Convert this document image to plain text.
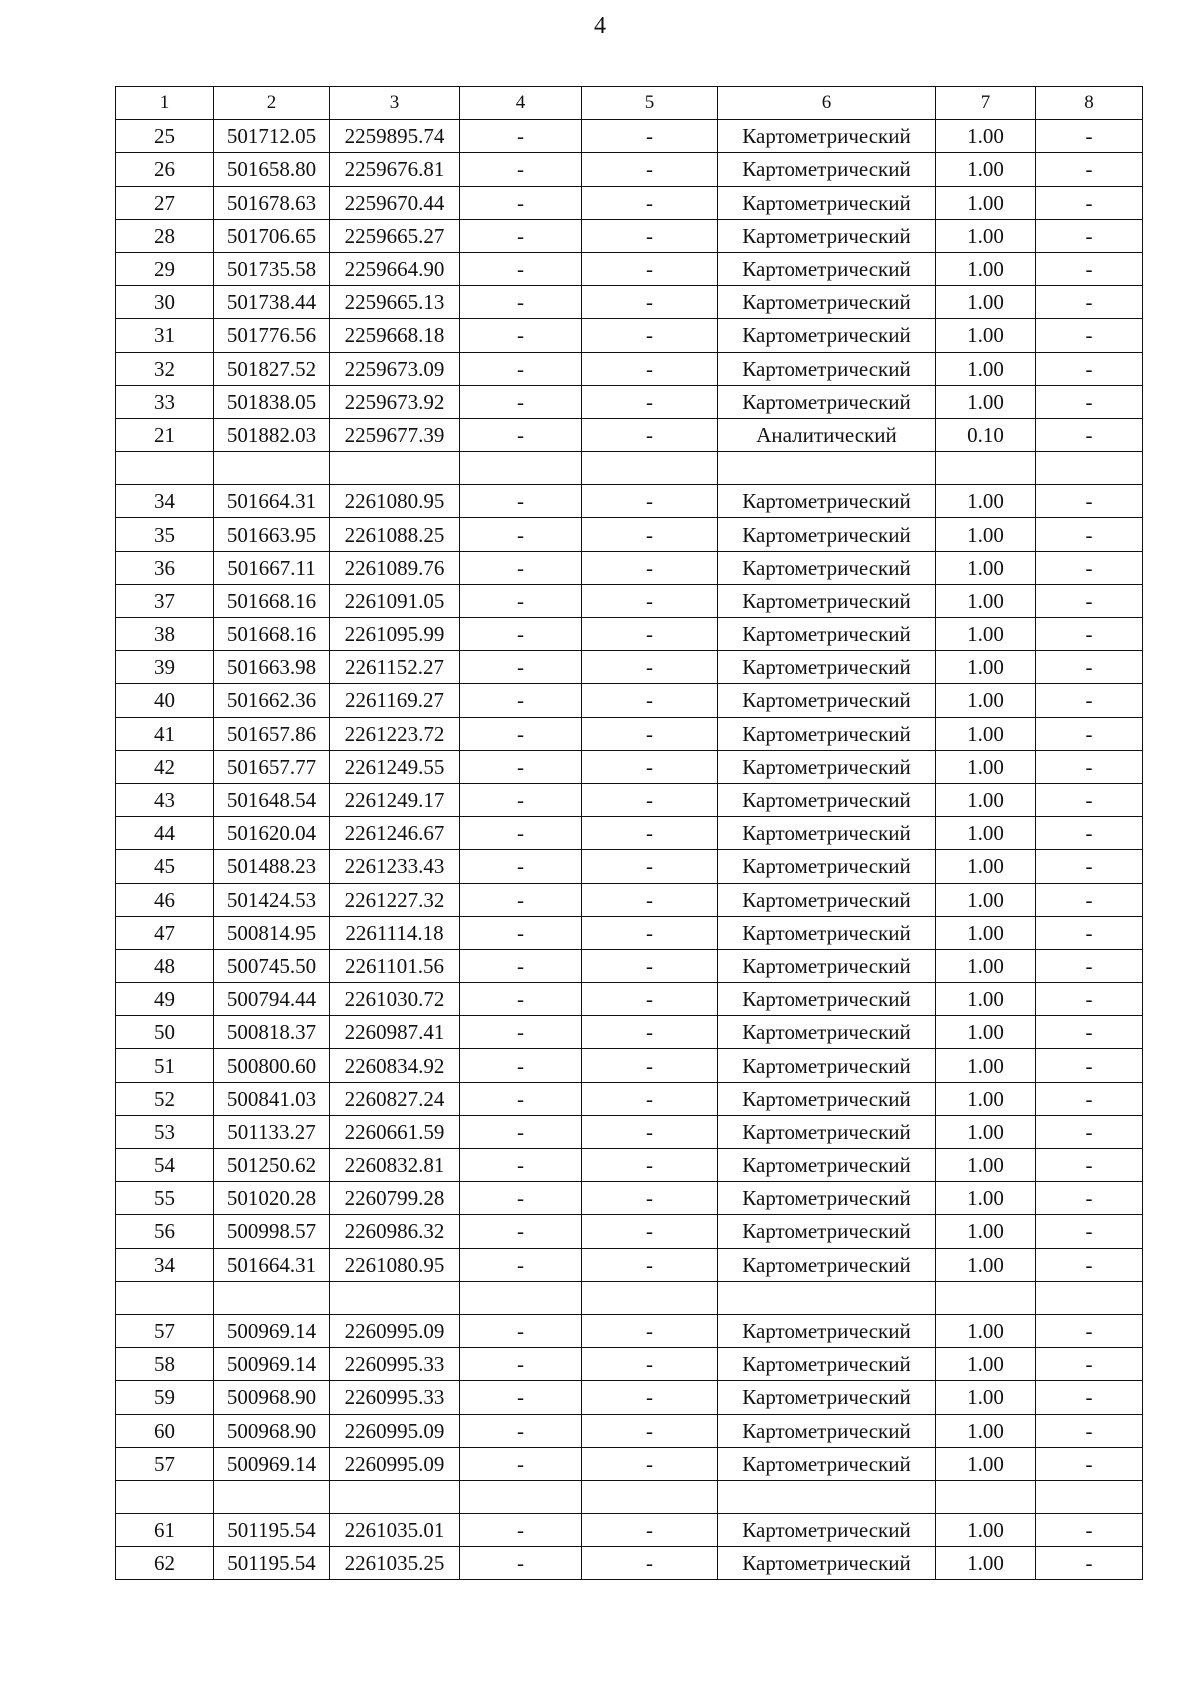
4
1	2	3	4	5	6	7	8
25	501712.05	2259895.74	-	-	Картометрический	1.00	-
26	501658.80	2259676.81	-	-	Картометрический	1.00	-
27	501678.63	2259670.44	-	-	Картометрический	1.00	-
28	501706.65	2259665.27	-	-	Картометрический	1.00	-
29	501735.58	2259664.90	-	-	Картометрический	1.00	-
30	501738.44	2259665.13	-	-	Картометрический	1.00	-
31	501776.56	2259668.18	-	-	Картометрический	1.00	-
32	501827.52	2259673.09	-	-	Картометрический	1.00	-
33	501838.05	2259673.92	-	-	Картометрический	1.00	-
21	501882.03	2259677.39	-	-	Аналитический	0.10	-

34	501664.31	2261080.95	-	-	Картометрический	1.00	-
35	501663.95	2261088.25	-	-	Картометрический	1.00	-
36	501667.11	2261089.76	-	-	Картометрический	1.00	-
37	501668.16	2261091.05	-	-	Картометрический	1.00	-
38	501668.16	2261095.99	-	-	Картометрический	1.00	-
39	501663.98	2261152.27	-	-	Картометрический	1.00	-
40	501662.36	2261169.27	-	-	Картометрический	1.00	-
41	501657.86	2261223.72	-	-	Картометрический	1.00	-
42	501657.77	2261249.55	-	-	Картометрический	1.00	-
43	501648.54	2261249.17	-	-	Картометрический	1.00	-
44	501620.04	2261246.67	-	-	Картометрический	1.00	-
45	501488.23	2261233.43	-	-	Картометрический	1.00	-
46	501424.53	2261227.32	-	-	Картометрический	1.00	-
47	500814.95	2261114.18	-	-	Картометрический	1.00	-
48	500745.50	2261101.56	-	-	Картометрический	1.00	-
49	500794.44	2261030.72	-	-	Картометрический	1.00	-
50	500818.37	2260987.41	-	-	Картометрический	1.00	-
51	500800.60	2260834.92	-	-	Картометрический	1.00	-
52	500841.03	2260827.24	-	-	Картометрический	1.00	-
53	501133.27	2260661.59	-	-	Картометрический	1.00	-
54	501250.62	2260832.81	-	-	Картометрический	1.00	-
55	501020.28	2260799.28	-	-	Картометрический	1.00	-
56	500998.57	2260986.32	-	-	Картометрический	1.00	-
34	501664.31	2261080.95	-	-	Картометрический	1.00	-

57	500969.14	2260995.09	-	-	Картометрический	1.00	-
58	500969.14	2260995.33	-	-	Картометрический	1.00	-
59	500968.90	2260995.33	-	-	Картометрический	1.00	-
60	500968.90	2260995.09	-	-	Картометрический	1.00	-
57	500969.14	2260995.09	-	-	Картометрический	1.00	-

61	501195.54	2261035.01	-	-	Картометрический	1.00	-
62	501195.54	2261035.25	-	-	Картометрический	1.00	-
